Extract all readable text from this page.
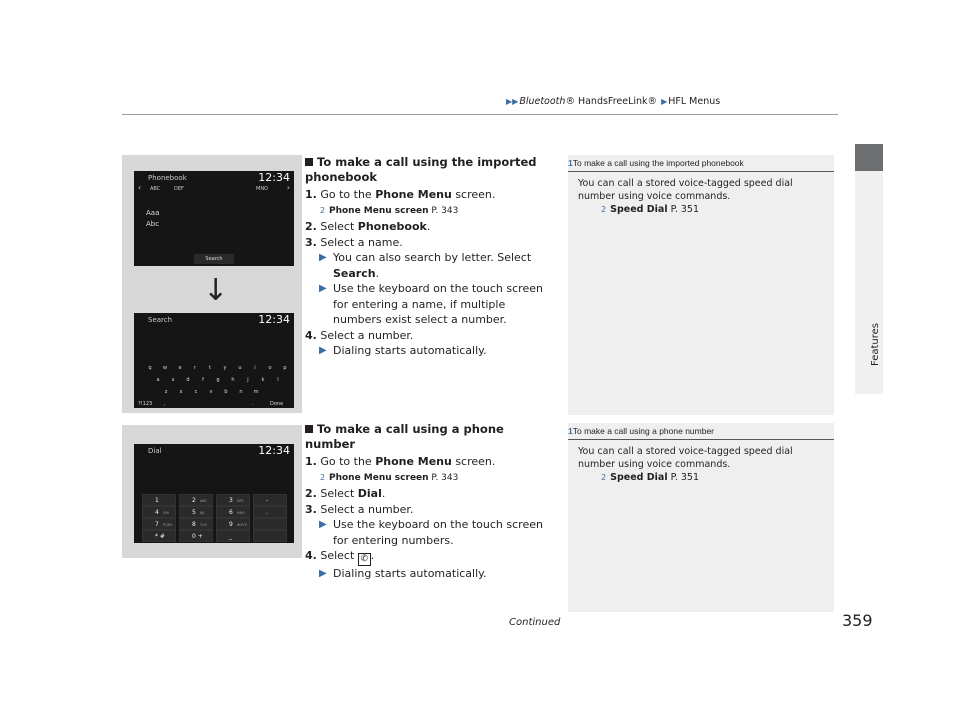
▶▶Bluetooth® HandsFreeLink® ▶HFL Menus
Features
Phonebook	12:34
‹	›
ABC	DEF	MNO
Aaa
Abc
Search
Search	12:34
q	w	e	r	t	y	u	i	o	p
a	s	d	f	g	h	j	k	l
z	x	c	v	b	n	m
?!123 ,	.	Done
↓
Dial	12:34
1	2 ABC	3 DEF	-
4 GHI	5 JKL	6 MNO	.
7 PQRS	8 TUV	9 WXYZ
* #	0 +	_
To make a call using the imported phonebook
1. Go to the Phone Menu screen.
2 Phone Menu screen P. 343
2. Select Phonebook.
3. Select a name.
▶ You can also search by letter. Select Search.
▶ Use the keyboard on the touch screen for entering a name, if multiple numbers exist select a number.
4. Select a number.
▶ Dialing starts automatically.
To make a call using a phone number
1. Go to the Phone Menu screen.
2 Phone Menu screen P. 343
2. Select Dial.
3. Select a number.
▶ Use the keyboard on the touch screen for entering numbers.
4. Select ✆ .
▶ Dialing starts automatically.
1To make a call using the imported phonebook
You can call a stored voice-tagged speed dial number using voice commands.
2 Speed Dial P. 351
1To make a call using a phone number
You can call a stored voice-tagged speed dial number using voice commands.
2 Speed Dial P. 351
Continued	359
